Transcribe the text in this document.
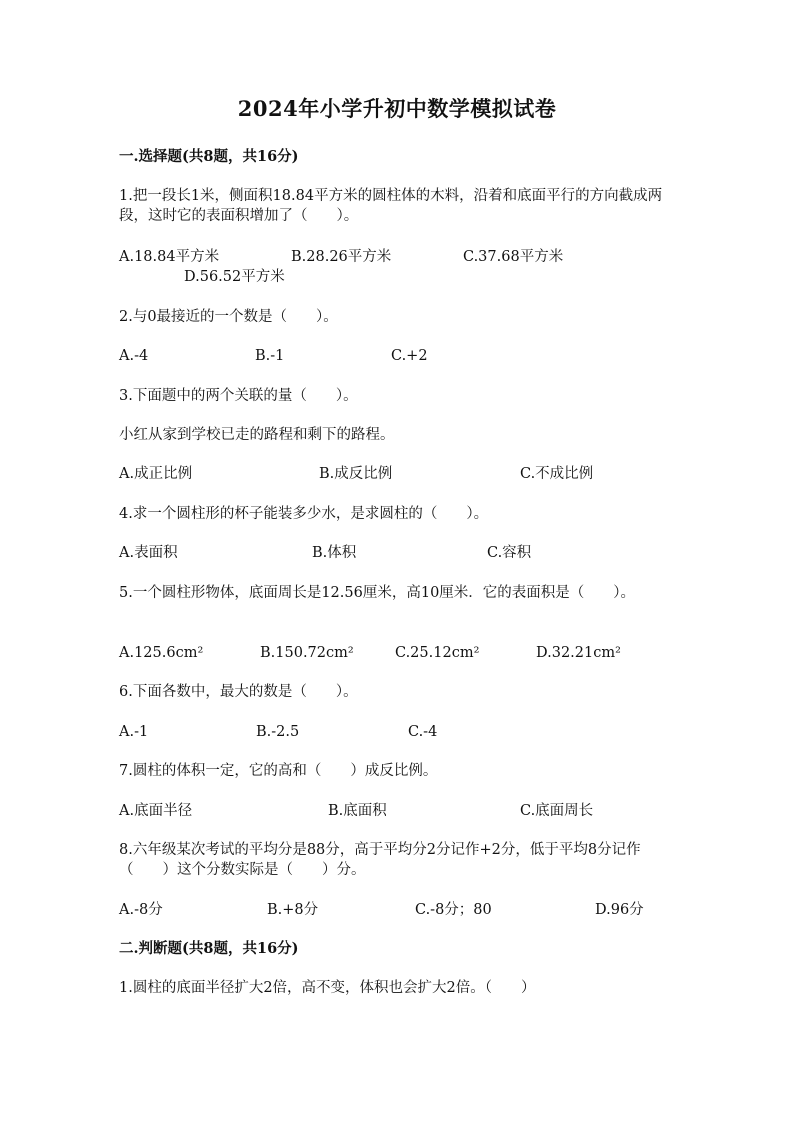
2024年小学升初中数学模拟试卷
一.选择题(共8题，共16分)
1.把一段长1米，侧面积18.84平方米的圆柱体的木料，沿着和底面平行的方向截成两段，这时它的表面积增加了（　　）。
A.18.84平方米	B.28.26平方米	C.37.68平方米
D.56.52平方米
2.与0最接近的一个数是（　　）。
A.-4	B.-1	C.+2
3.下面题中的两个关联的量（　　）。
小红从家到学校已走的路程和剩下的路程。
A.成正比例	B.成反比例	C.不成比例
4.求一个圆柱形的杯子能装多少水，是求圆柱的（　　）。
A.表面积	B.体积	C.容积
5.一个圆柱形物体，底面周长是12.56厘米，高10厘米．它的表面积是（　　）。
A.125.6cm²	B.150.72cm²	C.25.12cm²	D.32.21cm²
6.下面各数中，最大的数是（　　）。
A.-1	B.-2.5	C.-4
7.圆柱的体积一定，它的高和（　　）成反比例。
A.底面半径	B.底面积	C.底面周长
8.六年级某次考试的平均分是88分，高于平均分2分记作+2分，低于平均8分记作（　　）这个分数实际是（　　）分。
A.-8分	B.+8分	C.-8分；80	D.96分
二.判断题(共8题，共16分)
1.圆柱的底面半径扩大2倍，高不变，体积也会扩大2倍。（　　）
